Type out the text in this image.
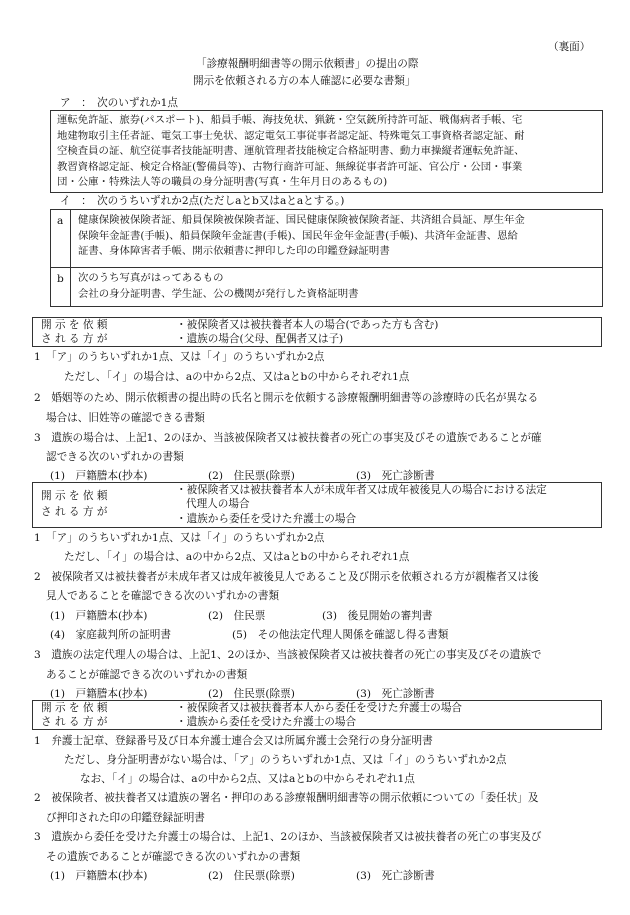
（裏面）
「診療報酬明細書等の開示依頼書」の提出の際
開示を依頼される方の本人確認に必要な書類」
ア　：　次のいずれか1点
運転免許証、旅券(パスポート)、船員手帳、海技免状、猟銃・空気銃所持許可証、戦傷病者手帳、宅
地建物取引主任者証、電気工事士免状、認定電気工事従事者認定証、特殊電気工事資格者認定証、耐
空検査員の証、航空従事者技能証明書、運航管理者技能検定合格証明書、動力車操縦者運転免許証、
教習資格認定証、検定合格証(警備員等)、古物行商許可証、無線従事者許可証、官公庁・公団・事業
団・公庫・特殊法人等の職員の身分証明書(写真・生年月日のあるもの)
イ　：　次のうちいずれか2点(ただしaとb又はaとaとする。)
a 健康保険被保険者証、船員保険被保険者証、国民健康保険被保険者証、共済組合員証、厚生年金
保険年金証書(手帳)、船員保険年金証書(手帳)、国民年金年金証書(手帳)、共済年金証書、恩給
証書、身体障害者手帳、開示依頼書に押印した印の印鑑登録証明書
b 次のうち写真がはってあるもの
会社の身分証明書、学生証、公の機関が発行した資格証明書
開 示 を 依 頼
さ れ る 方 が
・被保険者又は被扶養者本人の場合(であった方も含む)
・遺族の場合(父母、配偶者又は子)
1　「ア」のうちいずれか1点、又は「イ」のうちいずれか2点
ただし、「イ」の場合は、aの中から2点、又はaとbの中からそれぞれ1点
2　婚姻等のため、開示依頼書の提出時の氏名と開示を依頼する診療報酬明細書等の診療時の氏名が異なる
場合は、旧姓等の確認できる書類
3　遺族の場合は、上記1、2のほか、当該被保険者又は被扶養者の死亡の事実及びその遺族であることが確
認できる次のいずれかの書類
(1)　戸籍謄本(抄本)	(2)　住民票(除票)	(3)　死亡診断書
開 示 を 依 頼
さ れ る 方 が
・被保険者又は被扶養者本人が未成年者又は成年被後見人の場合における法定
代理人の場合
・遺族から委任を受けた弁護士の場合
1　「ア」のうちいずれか1点、又は「イ」のうちいずれか2点
ただし、「イ」の場合は、aの中から2点、又はaとbの中からそれぞれ1点
2　被保険者又は被扶養者が未成年者又は成年被後見人であること及び開示を依頼される方が親権者又は後
見人であることを確認できる次のいずれかの書類
(1)　戸籍謄本(抄本)	(2)　住民票	(3)　後見開始の審判書
(4)　家庭裁判所の証明書	(5)　その他法定代理人関係を確認し得る書類
3　遺族の法定代理人の場合は、上記1、2のほか、当該被保険者又は被扶養者の死亡の事実及びその遺族で
あることが確認できる次のいずれかの書類
(1)　戸籍謄本(抄本)	(2)　住民票(除票)	(3)　死亡診断書
開 示 を 依 頼
さ れ る 方 が
・被保険者又は被扶養者本人から委任を受けた弁護士の場合
・遺族から委任を受けた弁護士の場合
1　弁護士記章、登録番号及び日本弁護士連合会又は所属弁護士会発行の身分証明書
ただし、身分証明書がない場合は、「ア」のうちいずれか1点、又は「イ」のうちいずれか2点
なお、「イ」の場合は、aの中から2点、又はaとbの中からそれぞれ1点
2　被保険者、被扶養者又は遺族の署名・押印のある診療報酬明細書等の開示依頼についての「委任状」及
び押印された印の印鑑登録証明書
3　遺族から委任を受けた弁護士の場合は、上記1、2のほか、当該被保険者又は被扶養者の死亡の事実及び
その遺族であることが確認できる次のいずれかの書類
(1)　戸籍謄本(抄本)	(2)　住民票(除票)	(3)　死亡診断書
